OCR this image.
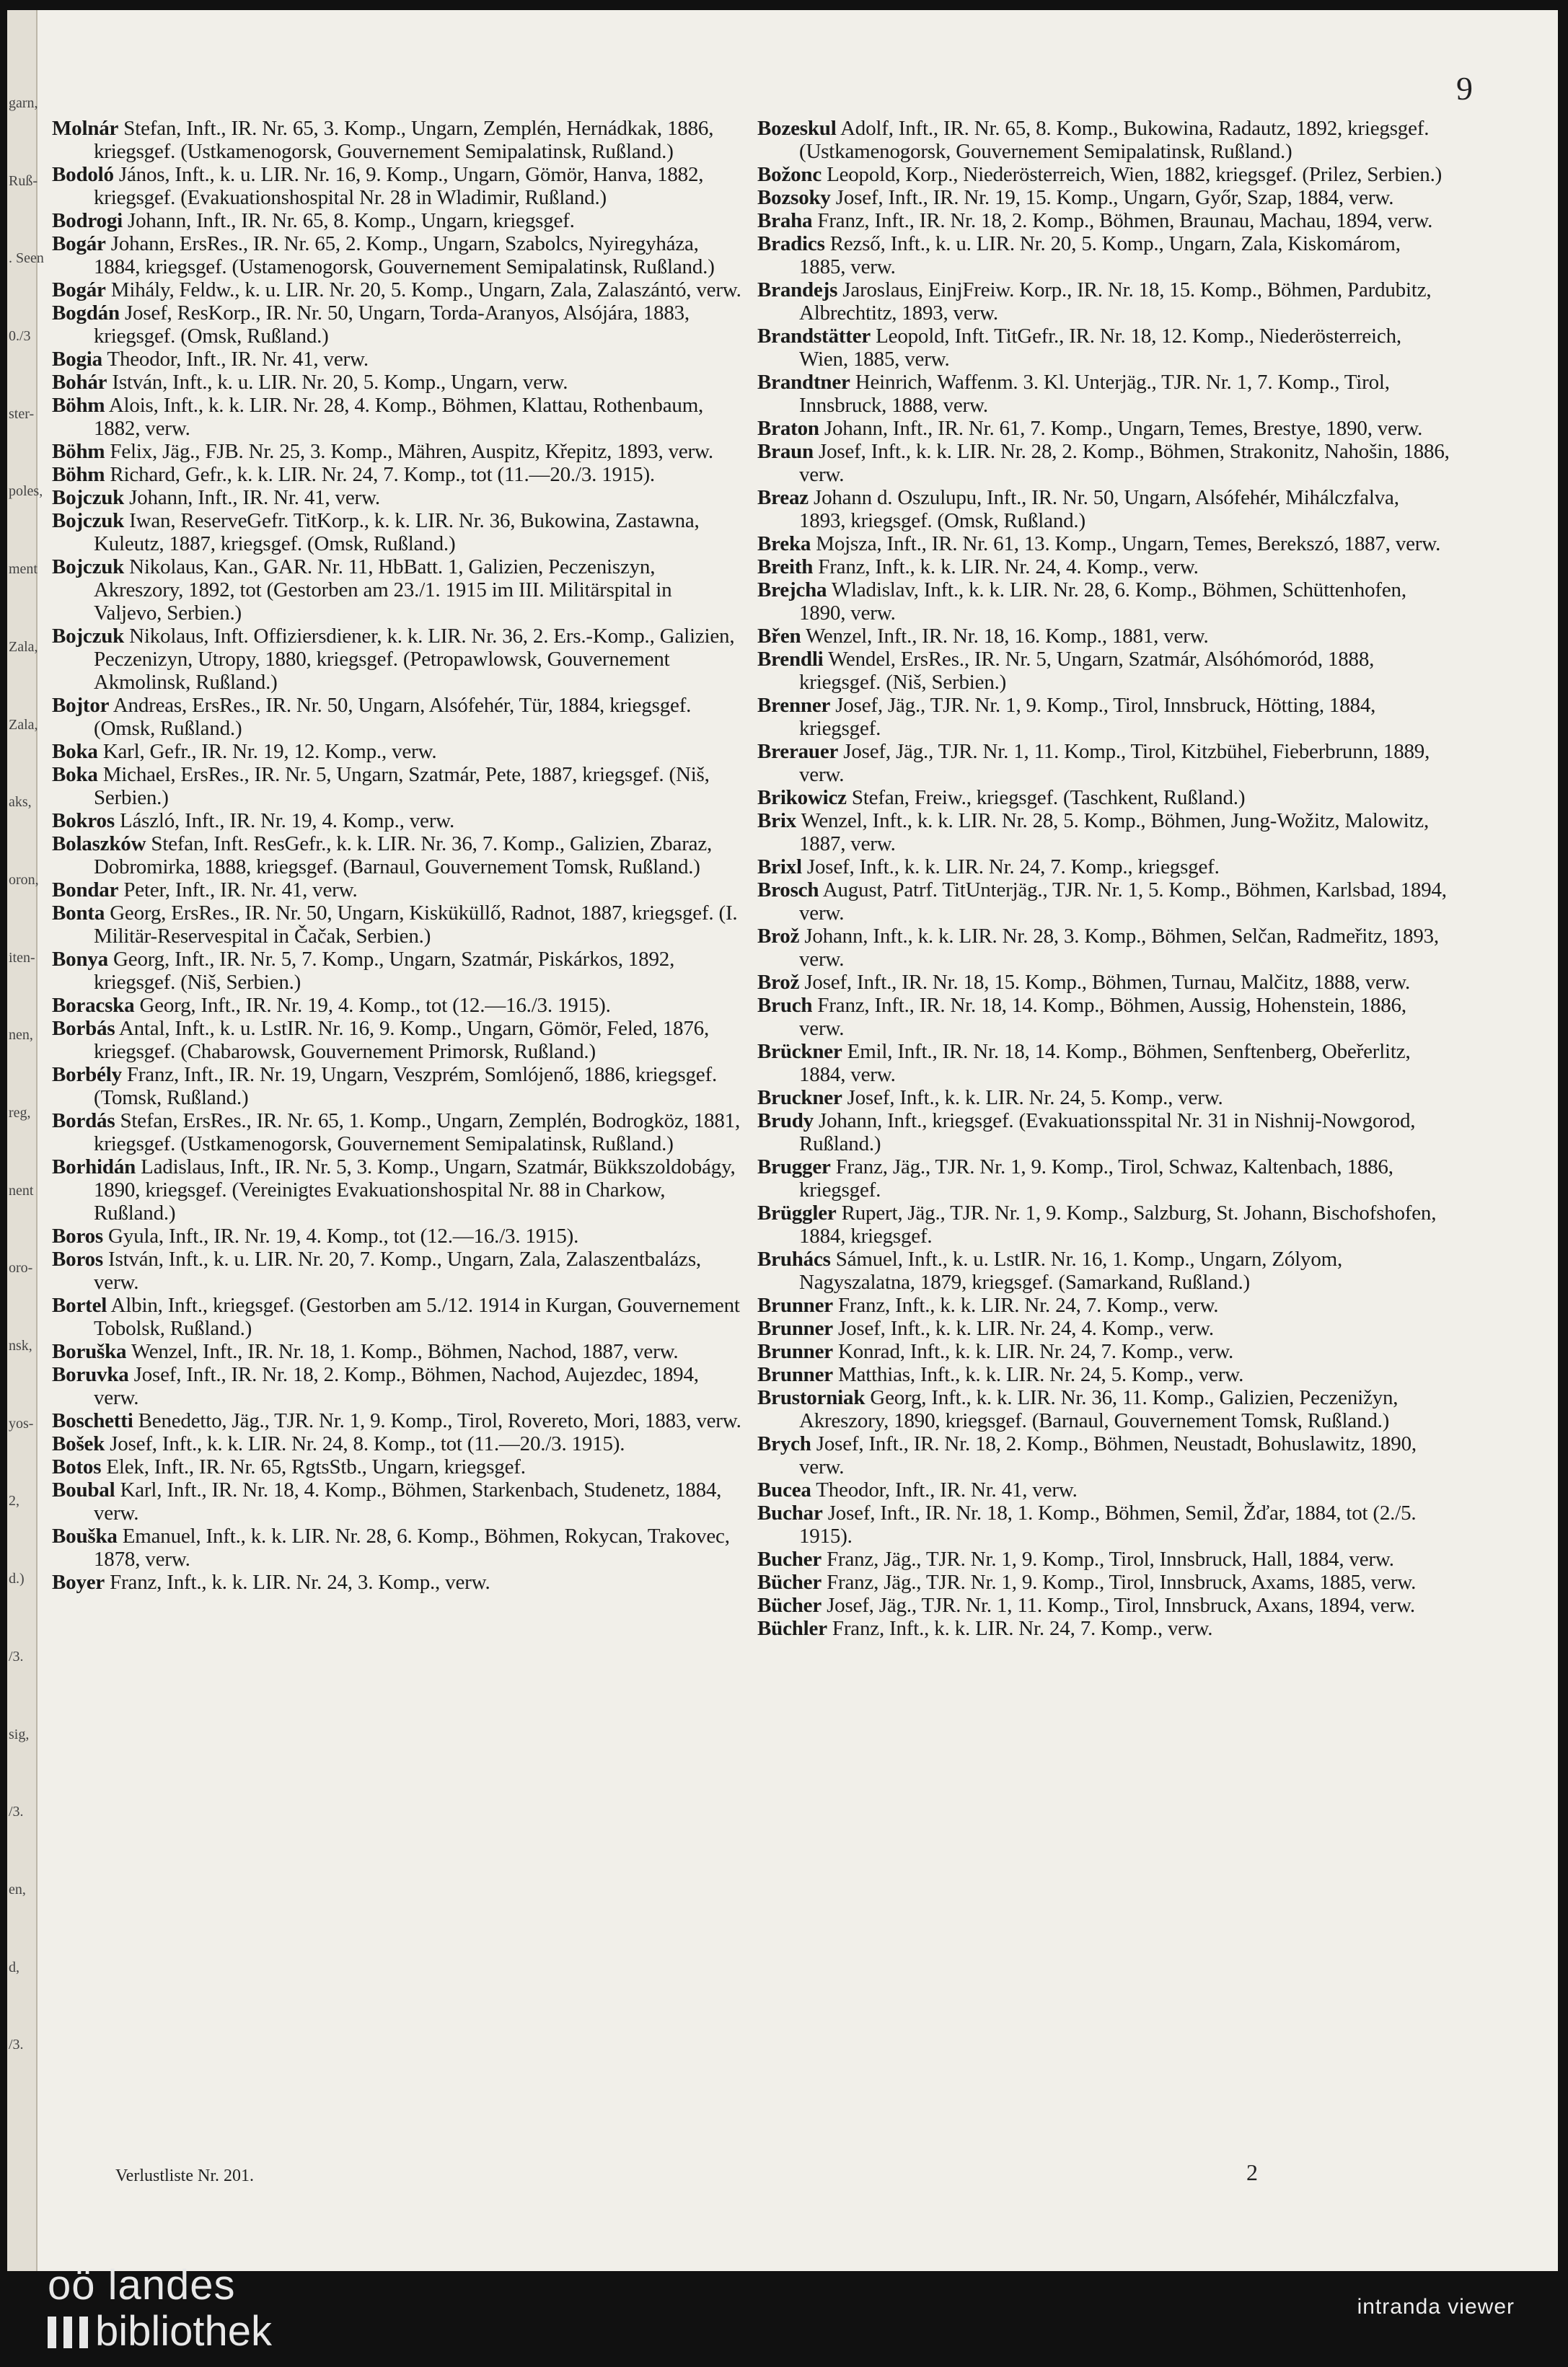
garn,
Ruß-
. Seen
0./3
ster-
poles,
ment
Zala,
Zala,
aks,
oron,
iten-
nen,
reg,
nent
oro-
nsk,
yos-
2,
d.)
/3.
sig,
/3.
en,
d,
/3.
9
Molnár Stefan, Inft., IR. Nr. 65, 3. Komp., Ungarn, Zemplén, Hernádkak, 1886, kriegsgef. (Ustkamenogorsk, Gouvernement Semipalatinsk, Rußland.)
Bodoló János, Inft., k. u. LIR. Nr. 16, 9. Komp., Ungarn, Gömör, Hanva, 1882, kriegsgef. (Evakuationshospital Nr. 28 in Wladimir, Rußland.)
Bodrogi Johann, Inft., IR. Nr. 65, 8. Komp., Ungarn, kriegsgef.
Bogár Johann, ErsRes., IR. Nr. 65, 2. Komp., Ungarn, Szabolcs, Nyiregyháza, 1884, kriegsgef. (Ustamenogorsk, Gouvernement Semipalatinsk, Rußland.)
Bogár Mihály, Feldw., k. u. LIR. Nr. 20, 5. Komp., Ungarn, Zala, Zalaszántó, verw.
Bogdán Josef, ResKorp., IR. Nr. 50, Ungarn, Torda-Aranyos, Alsójára, 1883, kriegsgef. (Omsk, Rußland.)
Bogia Theodor, Inft., IR. Nr. 41, verw.
Bohár István, Inft., k. u. LIR. Nr. 20, 5. Komp., Ungarn, verw.
Böhm Alois, Inft., k. k. LIR. Nr. 28, 4. Komp., Böhmen, Klattau, Rothenbaum, 1882, verw.
Böhm Felix, Jäg., FJB. Nr. 25, 3. Komp., Mähren, Auspitz, Křepitz, 1893, verw.
Böhm Richard, Gefr., k. k. LIR. Nr. 24, 7. Komp., tot (11.—20./3. 1915).
Bojczuk Johann, Inft., IR. Nr. 41, verw.
Bojczuk Iwan, ReserveGefr. TitKorp., k. k. LIR. Nr. 36, Bukowina, Zastawna, Kuleutz, 1887, kriegsgef. (Omsk, Rußland.)
Bojczuk Nikolaus, Kan., GAR. Nr. 11, HbBatt. 1, Galizien, Peczeniszyn, Akreszory, 1892, tot (Gestorben am 23./1. 1915 im III. Militärspital in Valjevo, Serbien.)
Bojczuk Nikolaus, Inft. Offiziersdiener, k. k. LIR. Nr. 36, 2. Ers.-Komp., Galizien, Peczenizyn, Utropy, 1880, kriegsgef. (Petropawlowsk, Gouvernement Akmolinsk, Rußland.)
Bojtor Andreas, ErsRes., IR. Nr. 50, Ungarn, Alsófehér, Tür, 1884, kriegsgef. (Omsk, Rußland.)
Boka Karl, Gefr., IR. Nr. 19, 12. Komp., verw.
Boka Michael, ErsRes., IR. Nr. 5, Ungarn, Szatmár, Pete, 1887, kriegsgef. (Niš, Serbien.)
Bokros László, Inft., IR. Nr. 19, 4. Komp., verw.
Bolaszków Stefan, Inft. ResGefr., k. k. LIR. Nr. 36, 7. Komp., Galizien, Zbaraz, Dobromirka, 1888, kriegsgef. (Barnaul, Gouvernement Tomsk, Rußland.)
Bondar Peter, Inft., IR. Nr. 41, verw.
Bonta Georg, ErsRes., IR. Nr. 50, Ungarn, Kisküküllő, Radnot, 1887, kriegsgef. (I. Militär-Reservespital in Čačak, Serbien.)
Bonya Georg, Inft., IR. Nr. 5, 7. Komp., Ungarn, Szatmár, Piskárkos, 1892, kriegsgef. (Niš, Serbien.)
Boracska Georg, Inft., IR. Nr. 19, 4. Komp., tot (12.—16./3. 1915).
Borbás Antal, Inft., k. u. LstIR. Nr. 16, 9. Komp., Ungarn, Gömör, Feled, 1876, kriegsgef. (Chabarowsk, Gouvernement Primorsk, Rußland.)
Borbély Franz, Inft., IR. Nr. 19, Ungarn, Veszprém, Somlójenő, 1886, kriegsgef. (Tomsk, Rußland.)
Bordás Stefan, ErsRes., IR. Nr. 65, 1. Komp., Ungarn, Zemplén, Bodrogköz, 1881, kriegsgef. (Ustkamenogorsk, Gouvernement Semipalatinsk, Rußland.)
Borhidán Ladislaus, Inft., IR. Nr. 5, 3. Komp., Ungarn, Szatmár, Bükkszoldobágy, 1890, kriegsgef. (Vereinigtes Evakuationshospital Nr. 88 in Charkow, Rußland.)
Boros Gyula, Inft., IR. Nr. 19, 4. Komp., tot (12.—16./3. 1915).
Boros István, Inft., k. u. LIR. Nr. 20, 7. Komp., Ungarn, Zala, Zalaszentbalázs, verw.
Bortel Albin, Inft., kriegsgef. (Gestorben am 5./12. 1914 in Kurgan, Gouvernement Tobolsk, Rußland.)
Boruška Wenzel, Inft., IR. Nr. 18, 1. Komp., Böhmen, Nachod, 1887, verw.
Boruvka Josef, Inft., IR. Nr. 18, 2. Komp., Böhmen, Nachod, Aujezdec, 1894, verw.
Boschetti Benedetto, Jäg., TJR. Nr. 1, 9. Komp., Tirol, Rovereto, Mori, 1883, verw.
Bošek Josef, Inft., k. k. LIR. Nr. 24, 8. Komp., tot (11.—20./3. 1915).
Botos Elek, Inft., IR. Nr. 65, RgtsStb., Ungarn, kriegsgef.
Boubal Karl, Inft., IR. Nr. 18, 4. Komp., Böhmen, Starkenbach, Studenetz, 1884, verw.
Bouška Emanuel, Inft., k. k. LIR. Nr. 28, 6. Komp., Böhmen, Rokycan, Trakovec, 1878, verw.
Boyer Franz, Inft., k. k. LIR. Nr. 24, 3. Komp., verw.
Bozeskul Adolf, Inft., IR. Nr. 65, 8. Komp., Bukowina, Radautz, 1892, kriegsgef. (Ustkamenogorsk, Gouvernement Semipalatinsk, Rußland.)
Božonc Leopold, Korp., Niederösterreich, Wien, 1882, kriegsgef. (Prilez, Serbien.)
Bozsoky Josef, Inft., IR. Nr. 19, 15. Komp., Ungarn, Győr, Szap, 1884, verw.
Braha Franz, Inft., IR. Nr. 18, 2. Komp., Böhmen, Braunau, Machau, 1894, verw.
Bradics Rezső, Inft., k. u. LIR. Nr. 20, 5. Komp., Ungarn, Zala, Kiskomárom, 1885, verw.
Brandejs Jaroslaus, EinjFreiw. Korp., IR. Nr. 18, 15. Komp., Böhmen, Pardubitz, Albrechtitz, 1893, verw.
Brandstätter Leopold, Inft. TitGefr., IR. Nr. 18, 12. Komp., Niederösterreich, Wien, 1885, verw.
Brandtner Heinrich, Waffenm. 3. Kl. Unterjäg., TJR. Nr. 1, 7. Komp., Tirol, Innsbruck, 1888, verw.
Braton Johann, Inft., IR. Nr. 61, 7. Komp., Ungarn, Temes, Brestye, 1890, verw.
Braun Josef, Inft., k. k. LIR. Nr. 28, 2. Komp., Böhmen, Strakonitz, Nahošin, 1886, verw.
Breaz Johann d. Oszulupu, Inft., IR. Nr. 50, Ungarn, Alsófehér, Mihálczfalva, 1893, kriegsgef. (Omsk, Rußland.)
Breka Mojsza, Inft., IR. Nr. 61, 13. Komp., Ungarn, Temes, Berekszó, 1887, verw.
Breith Franz, Inft., k. k. LIR. Nr. 24, 4. Komp., verw.
Brejcha Wladislav, Inft., k. k. LIR. Nr. 28, 6. Komp., Böhmen, Schüttenhofen, 1890, verw.
Břen Wenzel, Inft., IR. Nr. 18, 16. Komp., 1881, verw.
Brendli Wendel, ErsRes., IR. Nr. 5, Ungarn, Szatmár, Alsóhómoród, 1888, kriegsgef. (Niš, Serbien.)
Brenner Josef, Jäg., TJR. Nr. 1, 9. Komp., Tirol, Innsbruck, Hötting, 1884, kriegsgef.
Brerauer Josef, Jäg., TJR. Nr. 1, 11. Komp., Tirol, Kitzbühel, Fieberbrunn, 1889, verw.
Brikowicz Stefan, Freiw., kriegsgef. (Taschkent, Rußland.)
Brix Wenzel, Inft., k. k. LIR. Nr. 28, 5. Komp., Böhmen, Jung-Wožitz, Malowitz, 1887, verw.
Brixl Josef, Inft., k. k. LIR. Nr. 24, 7. Komp., kriegsgef.
Brosch August, Patrf. TitUnterjäg., TJR. Nr. 1, 5. Komp., Böhmen, Karlsbad, 1894, verw.
Brož Johann, Inft., k. k. LIR. Nr. 28, 3. Komp., Böhmen, Selčan, Radmeřitz, 1893, verw.
Brož Josef, Inft., IR. Nr. 18, 15. Komp., Böhmen, Turnau, Malčitz, 1888, verw.
Bruch Franz, Inft., IR. Nr. 18, 14. Komp., Böhmen, Aussig, Hohenstein, 1886, verw.
Brückner Emil, Inft., IR. Nr. 18, 14. Komp., Böhmen, Senftenberg, Obeřerlitz, 1884, verw.
Bruckner Josef, Inft., k. k. LIR. Nr. 24, 5. Komp., verw.
Brudy Johann, Inft., kriegsgef. (Evakuationsspital Nr. 31 in Nishnij-Nowgorod, Rußland.)
Brugger Franz, Jäg., TJR. Nr. 1, 9. Komp., Tirol, Schwaz, Kaltenbach, 1886, kriegsgef.
Brüggler Rupert, Jäg., TJR. Nr. 1, 9. Komp., Salzburg, St. Johann, Bischofshofen, 1884, kriegsgef.
Bruhács Sámuel, Inft., k. u. LstIR. Nr. 16, 1. Komp., Ungarn, Zólyom, Nagyszalatna, 1879, kriegsgef. (Samarkand, Rußland.)
Brunner Franz, Inft., k. k. LIR. Nr. 24, 7. Komp., verw.
Brunner Josef, Inft., k. k. LIR. Nr. 24, 4. Komp., verw.
Brunner Konrad, Inft., k. k. LIR. Nr. 24, 7. Komp., verw.
Brunner Matthias, Inft., k. k. LIR. Nr. 24, 5. Komp., verw.
Brustorniak Georg, Inft., k. k. LIR. Nr. 36, 11. Komp., Galizien, Peczenižyn, Akreszory, 1890, kriegsgef. (Barnaul, Gouvernement Tomsk, Rußland.)
Brych Josef, Inft., IR. Nr. 18, 2. Komp., Böhmen, Neustadt, Bohuslawitz, 1890, verw.
Bucea Theodor, Inft., IR. Nr. 41, verw.
Buchar Josef, Inft., IR. Nr. 18, 1. Komp., Böhmen, Semil, Žďar, 1884, tot (2./5. 1915).
Bucher Franz, Jäg., TJR. Nr. 1, 9. Komp., Tirol, Innsbruck, Hall, 1884, verw.
Bücher Franz, Jäg., TJR. Nr. 1, 9. Komp., Tirol, Innsbruck, Axams, 1885, verw.
Bücher Josef, Jäg., TJR. Nr. 1, 11. Komp., Tirol, Innsbruck, Axans, 1894, verw.
Büchler Franz, Inft., k. k. LIR. Nr. 24, 7. Komp., verw.
Verlustliste Nr. 201.	2
oö landes
bibliothek
intranda viewer
